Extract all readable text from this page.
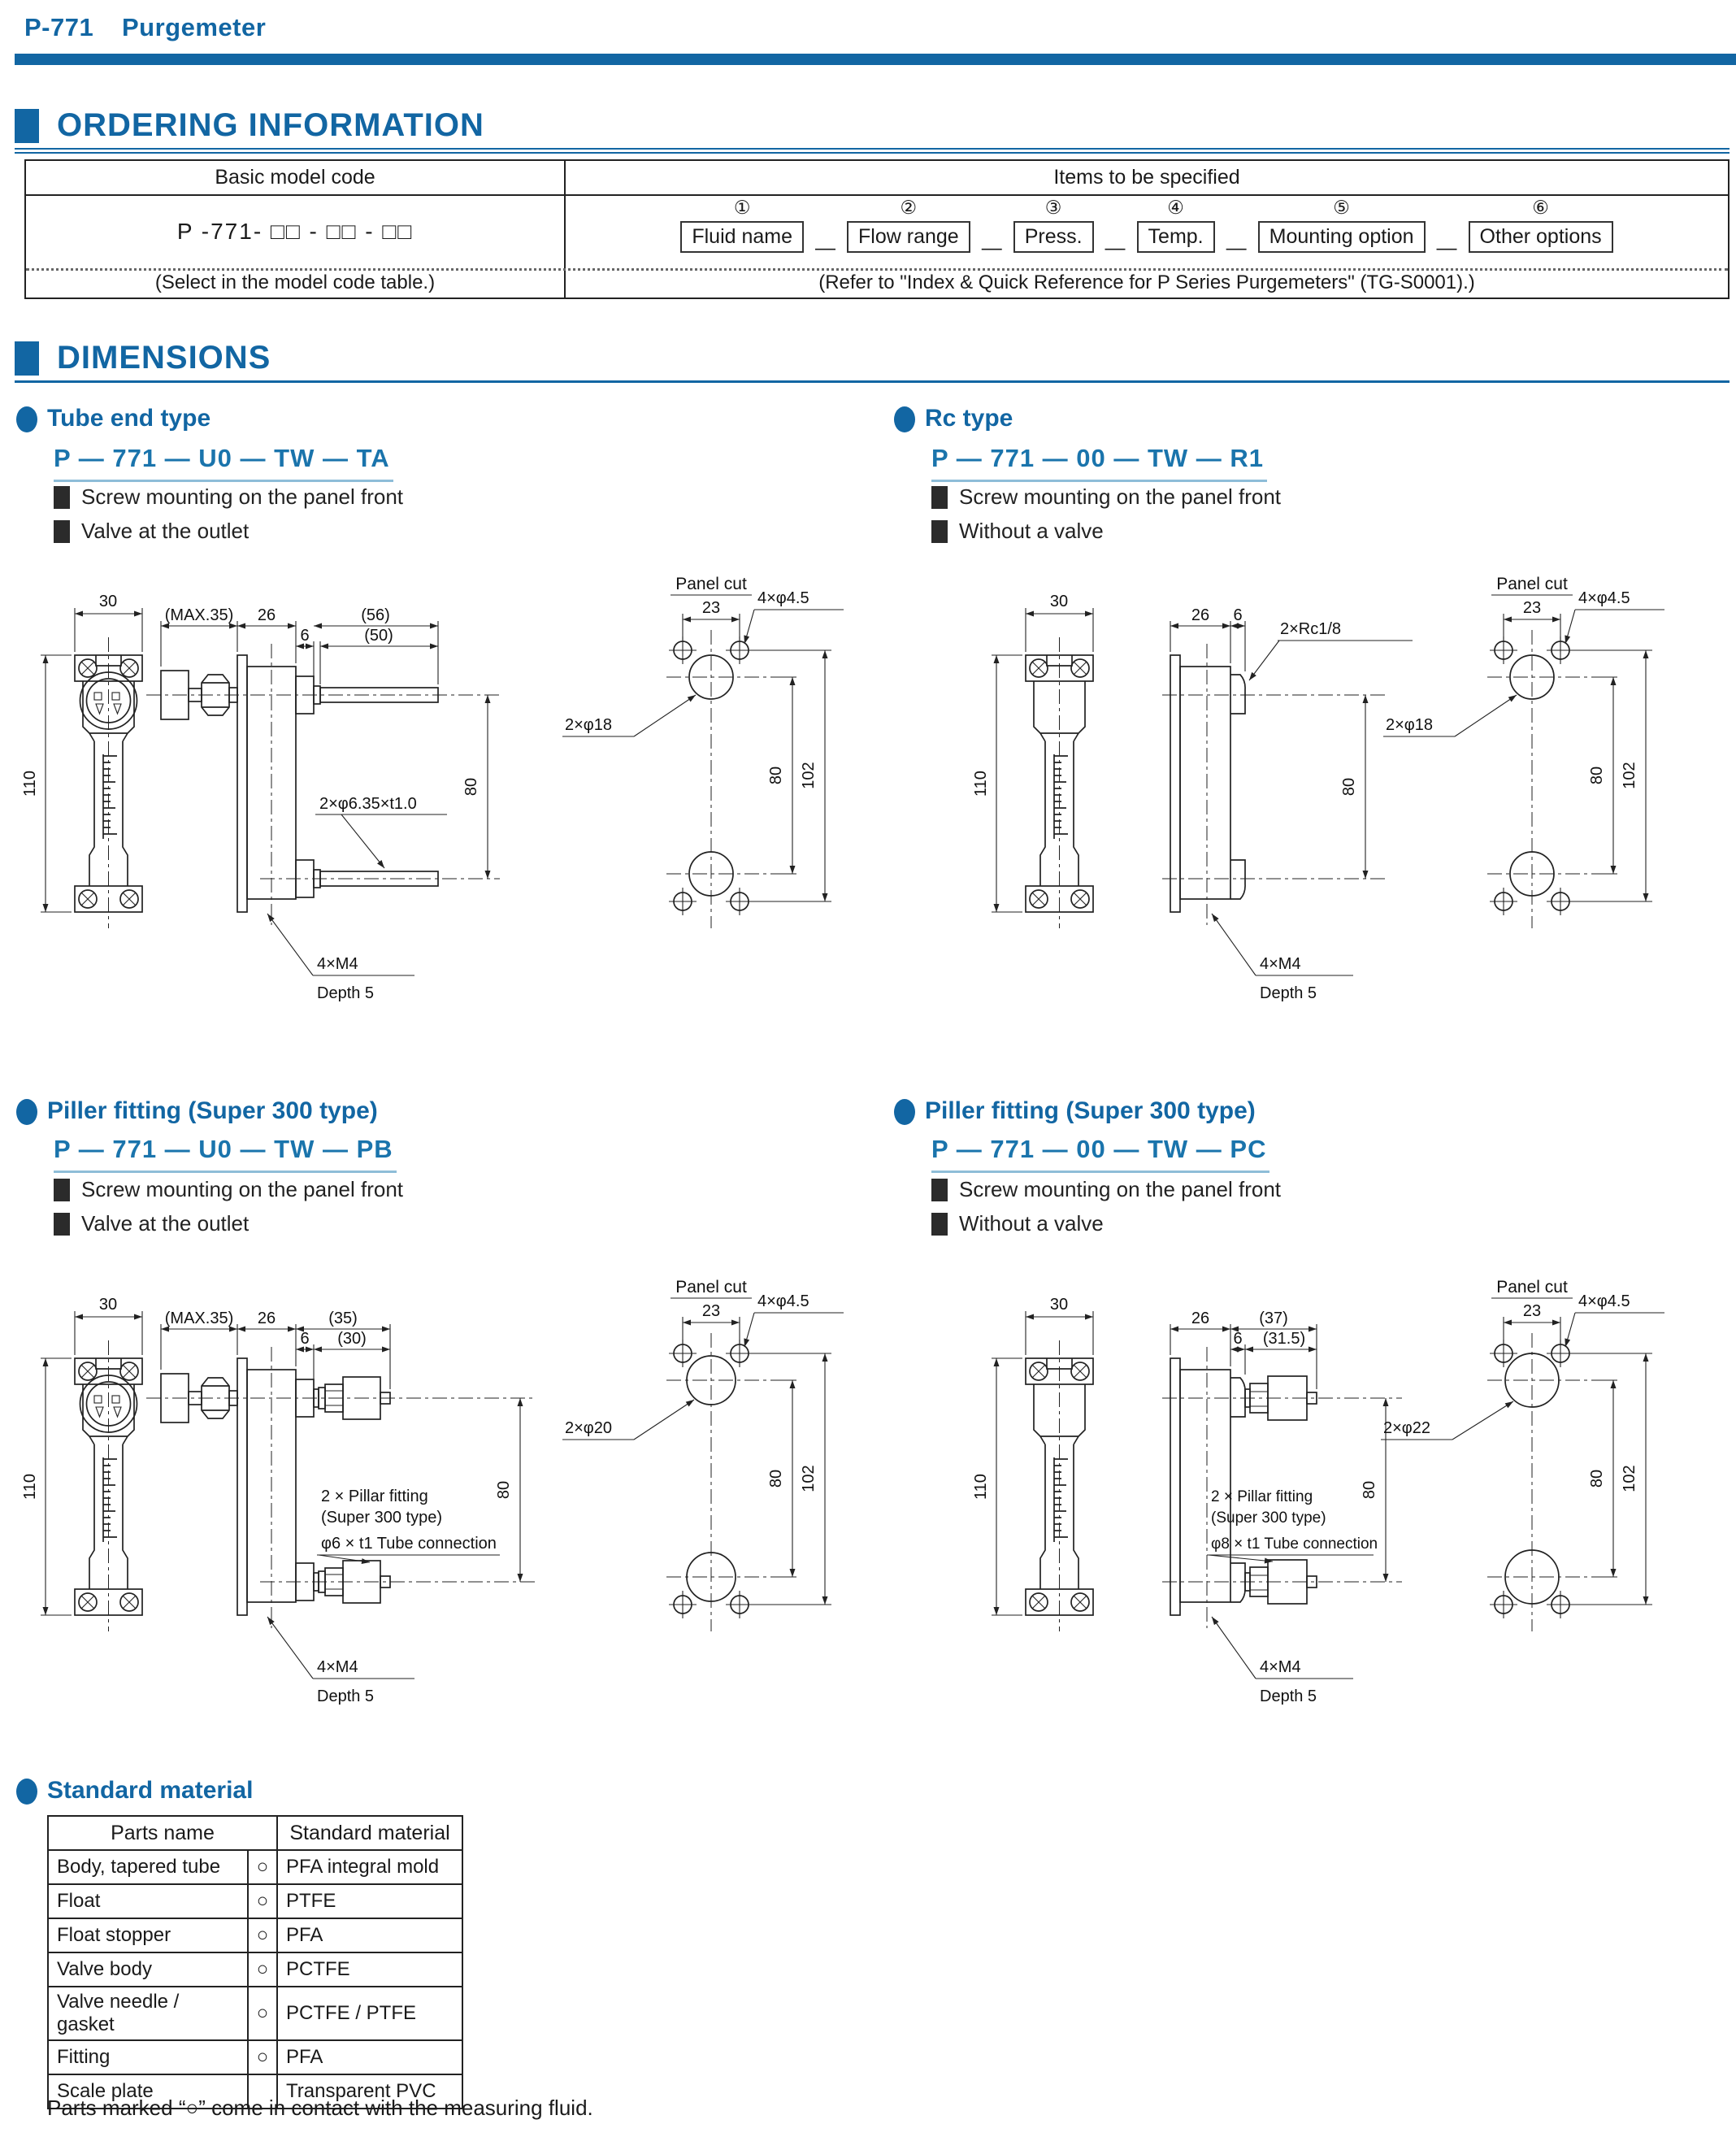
P-771 Purgemeter
ORDERING INFORMATION
Basic model code	Items to be specified
P -771- □□ - □□ - □□
①
Fluid name	—
②
Flow range	—
③
Press.	—
④
Temp.	—
⑤
Mounting option	—
⑥
Other options
(Select in the model code table.)	(Refer to "Index & Quick Reference for P Series Purgemeters" (TG-S0001).)
DIMENSIONS
Tube end type
P — 771 — U0 — TW — TA
Screw mounting on the panel front
Valve at the outlet
Rc type
P — 771 — 00 — TW — R1
Screw mounting on the panel front
Without a valve
30
110
(MAX.35) 26	(56)
6	(50)
80
2×φ6.35×t1.0
4×M4
Depth 5
Panel cut
23
4×φ4.5
2×φ18
80 102
30
110
26 6
2×Rc1/8
80
4×M4
Depth 5
Panel cut
23
4×φ4.5
2×φ18
80 102
Piller fitting (Super 300 type)
P — 771 — U0 — TW — PB
Screw mounting on the panel front
Valve at the outlet
Piller fitting (Super 300 type)
P — 771 — 00 — TW — PC
Screw mounting on the panel front
Without a valve
30
110
(MAX.35) 26	(35)
6 (30)
80
2 × Pillar fitting
(Super 300 type)
φ6 × t1 Tube connection
4×M4
Depth 5
Panel cut
23
4×φ4.5
2×φ20
80 102
30
110
26	(37)
6 (31.5)
80
2 × Pillar fitting
(Super 300 type)
φ8 × t1 Tube connection
4×M4
Depth 5
Panel cut
23
4×φ4.5
2×φ22
80 102
Standard material
Parts name		Standard material
Body, tapered tube	○	PFA integral mold
Float	○	PTFE
Float stopper	○	PFA
Valve body	○	PCTFE
Valve needle / gasket	○	PCTFE / PTFE
Fitting	○	PFA
Scale plate		Transparent PVC
Parts marked “○” come in contact with the measuring fluid.
